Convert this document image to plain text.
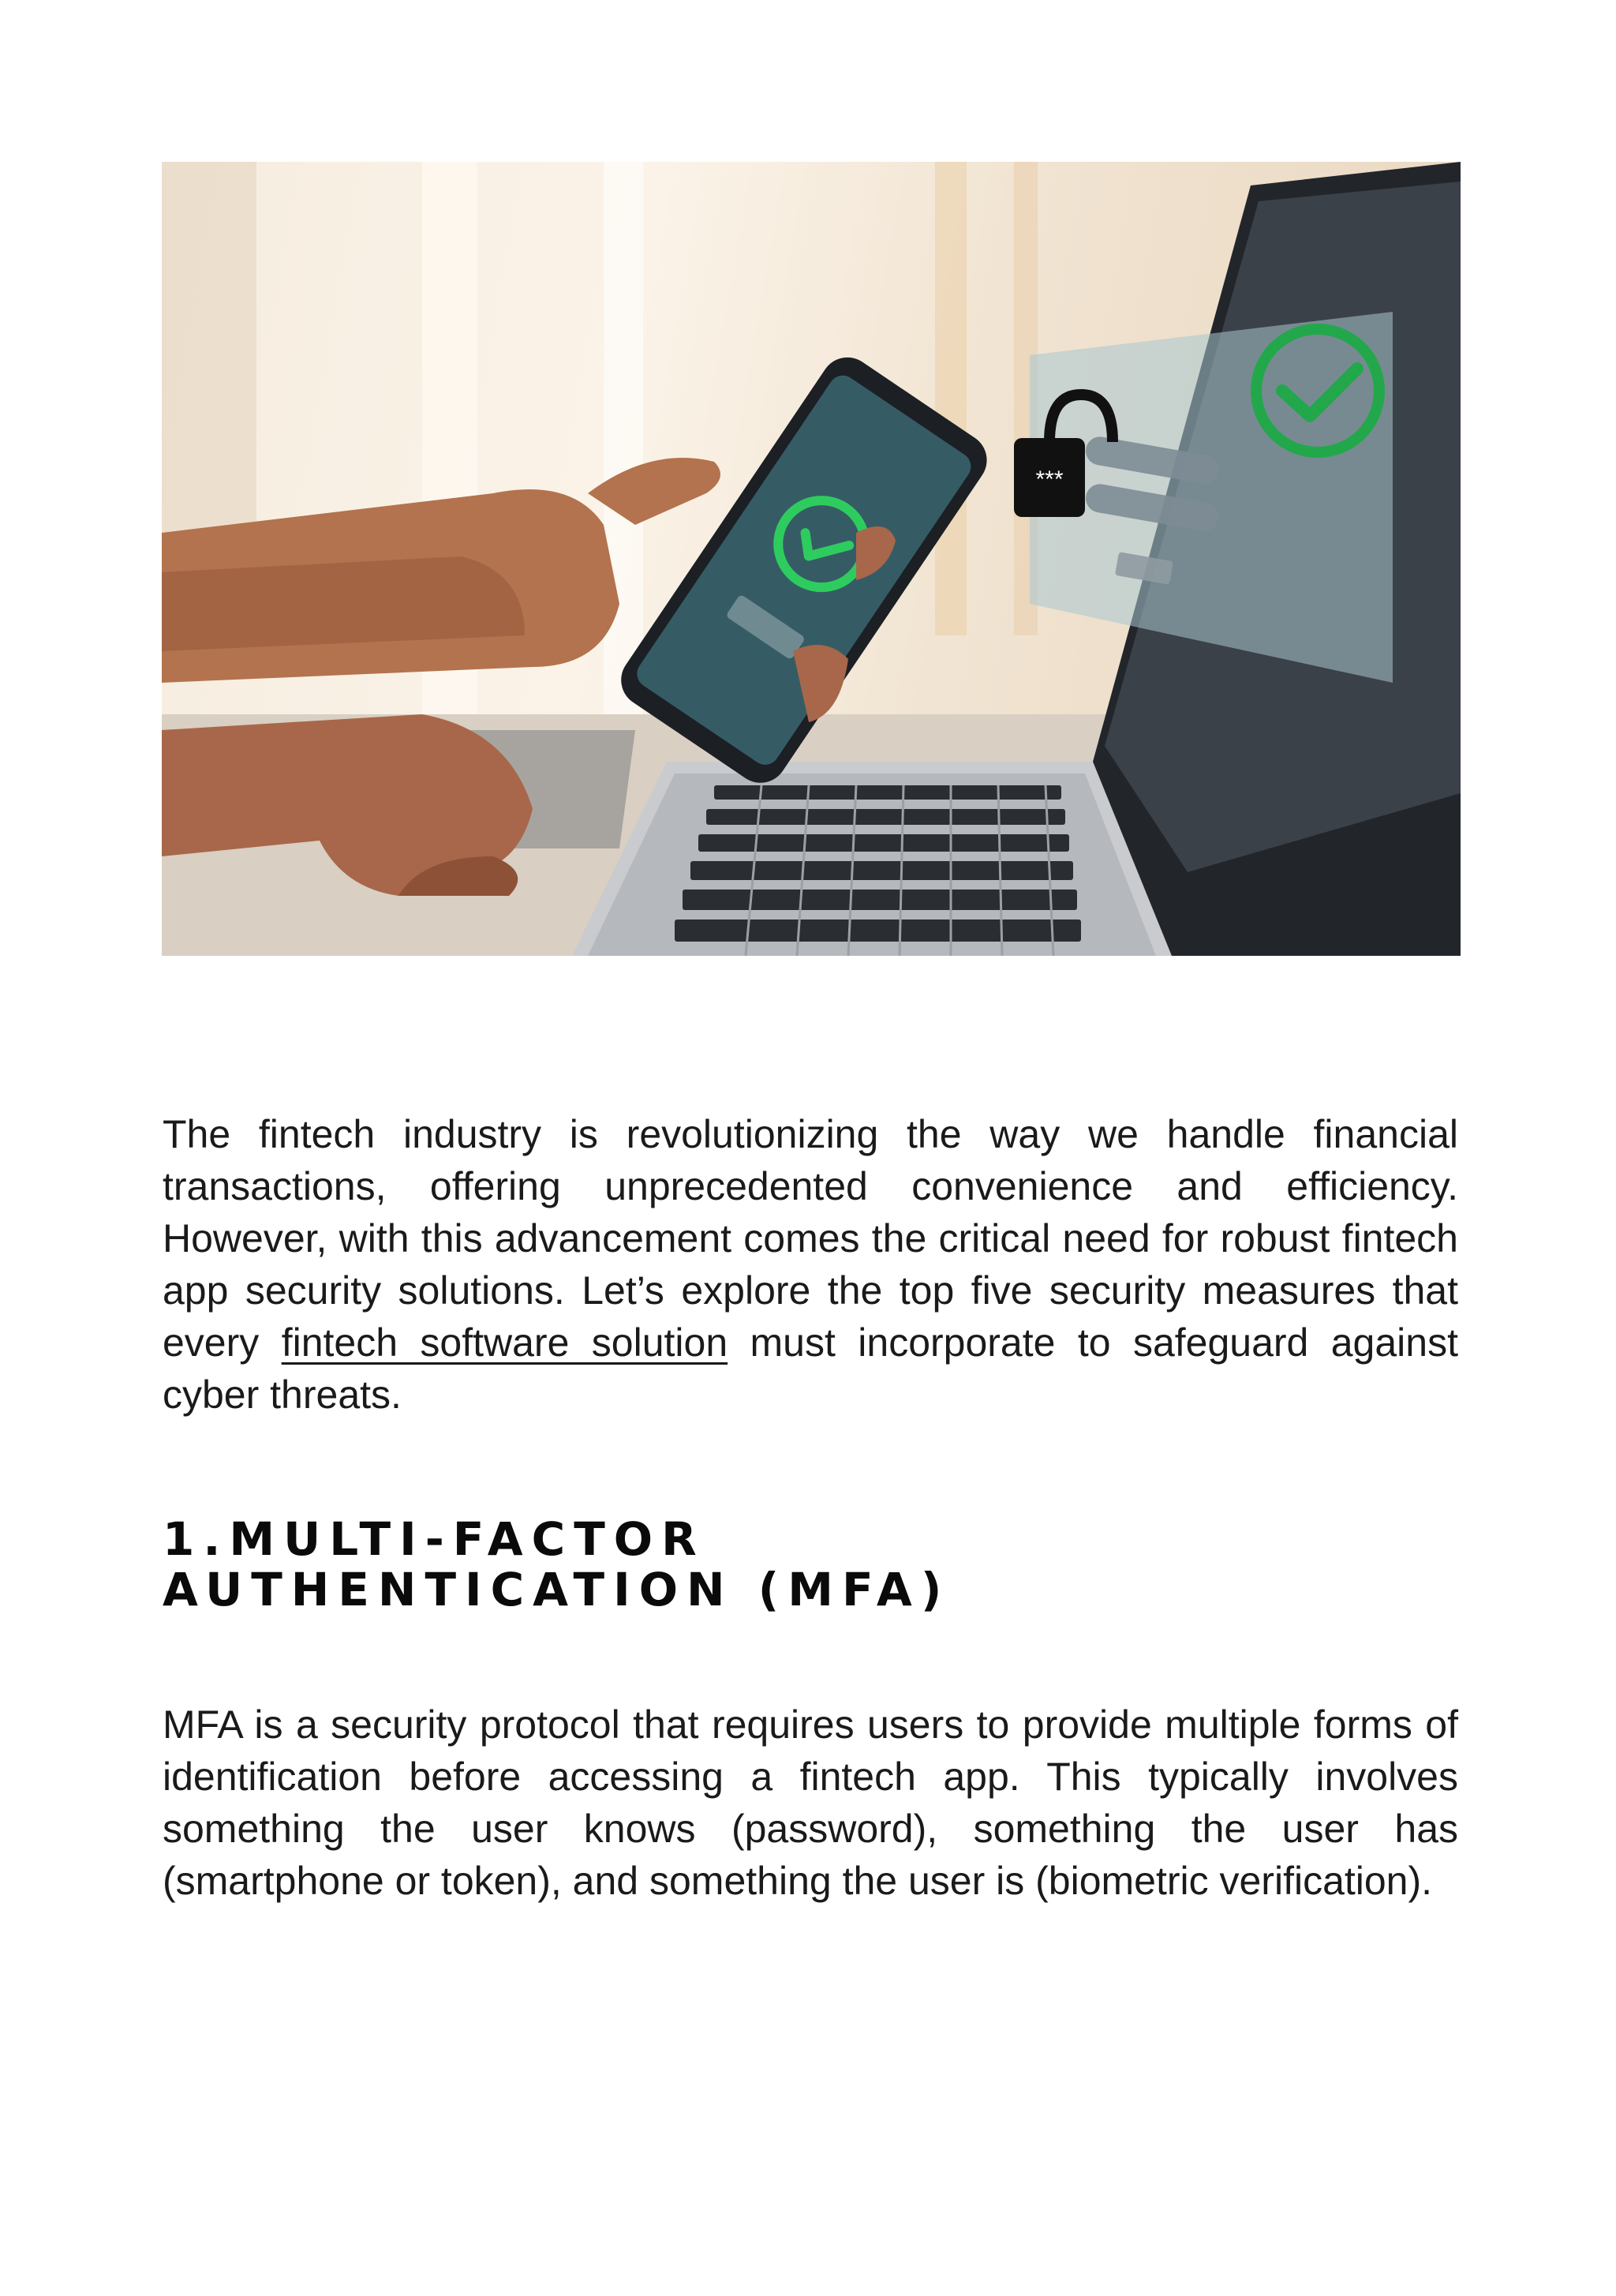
***

The fintech industry is revolutionizing the way we handle financial transactions, offering unprecedented convenience and efficiency. However, with this advancement comes the critical need for robust fintech app security solutions. Let’s explore the top five security measures that every fintech software solution must incorporate to safeguard against cyber threats.

1.MULTI-FACTOR
AUTHENTICATION (MFA)

MFA is a security protocol that requires users to provide multiple forms of identification before accessing a fintech app. This typically involves something the user knows (password), something the user has (smartphone or token), and something the user is (biometric verification).
